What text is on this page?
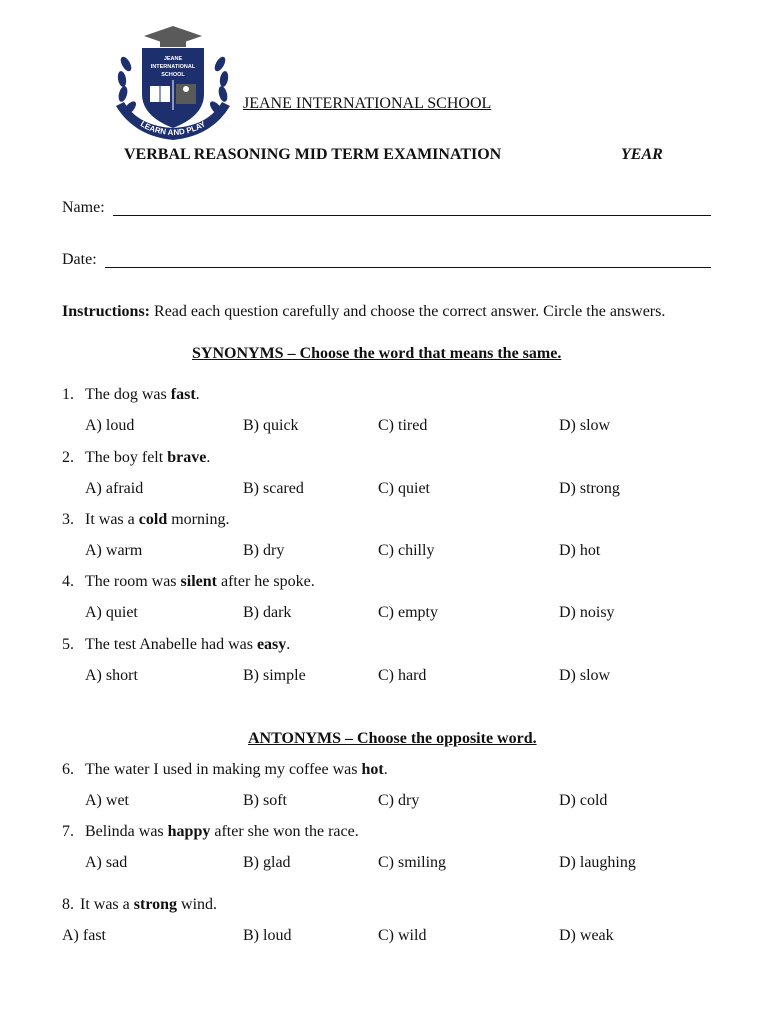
JEANE
INTERNATIONAL
SCHOOL
LEARN AND PLAY
JEANE INTERNATIONAL SCHOOL
VERBAL REASONING MID TERM EXAMINATION	YEAR
Name:
Date:
Instructions: Read each question carefully and choose the correct answer. Circle the answers.
SYNONYMS – Choose the word that means the same.
1. The dog was fast.
A) loud	B) quick	C) tired	D) slow
2. The boy felt brave.
A) afraid	B) scared	C) quiet	D) strong
3. It was a cold morning.
A) warm	B) dry	C) chilly	D) hot
4. The room was silent after he spoke.
A) quiet	B) dark	C) empty	D) noisy
5. The test Anabelle had was easy.
A) short	B) simple	C) hard	D) slow
ANTONYMS – Choose the opposite word.
6. The water I used in making my coffee was hot.
A) wet	B) soft	C) dry	D) cold
7. Belinda was happy after she won the race.
A) sad	B) glad	C) smiling	D) laughing
8. It was a strong wind.
A) fast	B) loud	C) wild	D) weak
